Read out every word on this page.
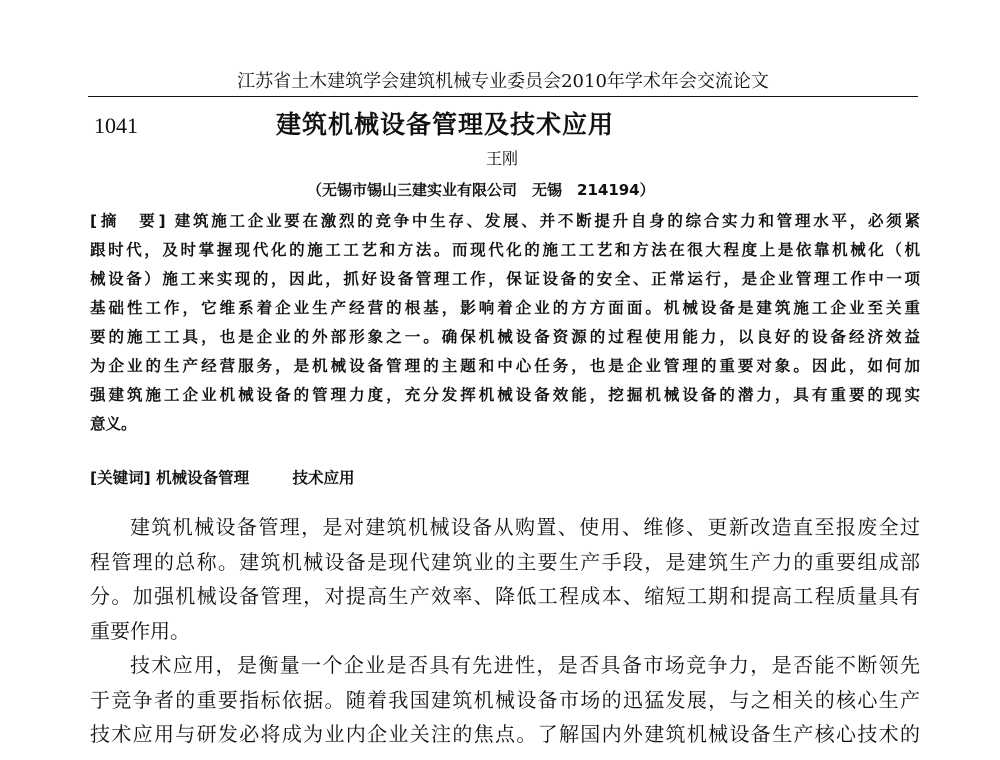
江苏省土木建筑学会建筑机械专业委员会2010年学术年会交流论文
1041	建筑机械设备管理及技术应用
王刚
（无锡市锡山三建实业有限公司　无锡　214194）
[摘　要] 建筑施工企业要在激烈的竞争中生存、发展、并不断提升自身的综合实力和管理水平，必须紧
跟时代，及时掌握现代化的施工工艺和方法。而现代化的施工工艺和方法在很大程度上是依靠机械化（机
械设备）施工来实现的，因此，抓好设备管理工作，保证设备的安全、正常运行，是企业管理工作中一项
基础性工作，它维系着企业生产经营的根基，影响着企业的方方面面。机械设备是建筑施工企业至关重
要的施工工具，也是企业的外部形象之一。确保机械设备资源的过程使用能力，以良好的设备经济效益
为企业的生产经营服务，是机械设备管理的主题和中心任务，也是企业管理的重要对象。因此，如何加
强建筑施工企业机械设备的管理力度，充分发挥机械设备效能，挖掘机械设备的潜力，具有重要的现实
意义。
[关键词] 机械设备管理	技术应用
建筑机械设备管理，是对建筑机械设备从购置、使用、维修、更新改造直至报废全过
程管理的总称。建筑机械设备是现代建筑业的主要生产手段，是建筑生产力的重要组成部
分。加强机械设备管理，对提高生产效率、降低工程成本、缩短工期和提高工程质量具有
重要作用。
技术应用，是衡量一个企业是否具有先进性，是否具备市场竞争力，是否能不断领先
于竞争者的重要指标依据。随着我国建筑机械设备市场的迅猛发展，与之相关的核心生产
技术应用与研发必将成为业内企业关注的焦点。了解国内外建筑机械设备生产核心技术的
